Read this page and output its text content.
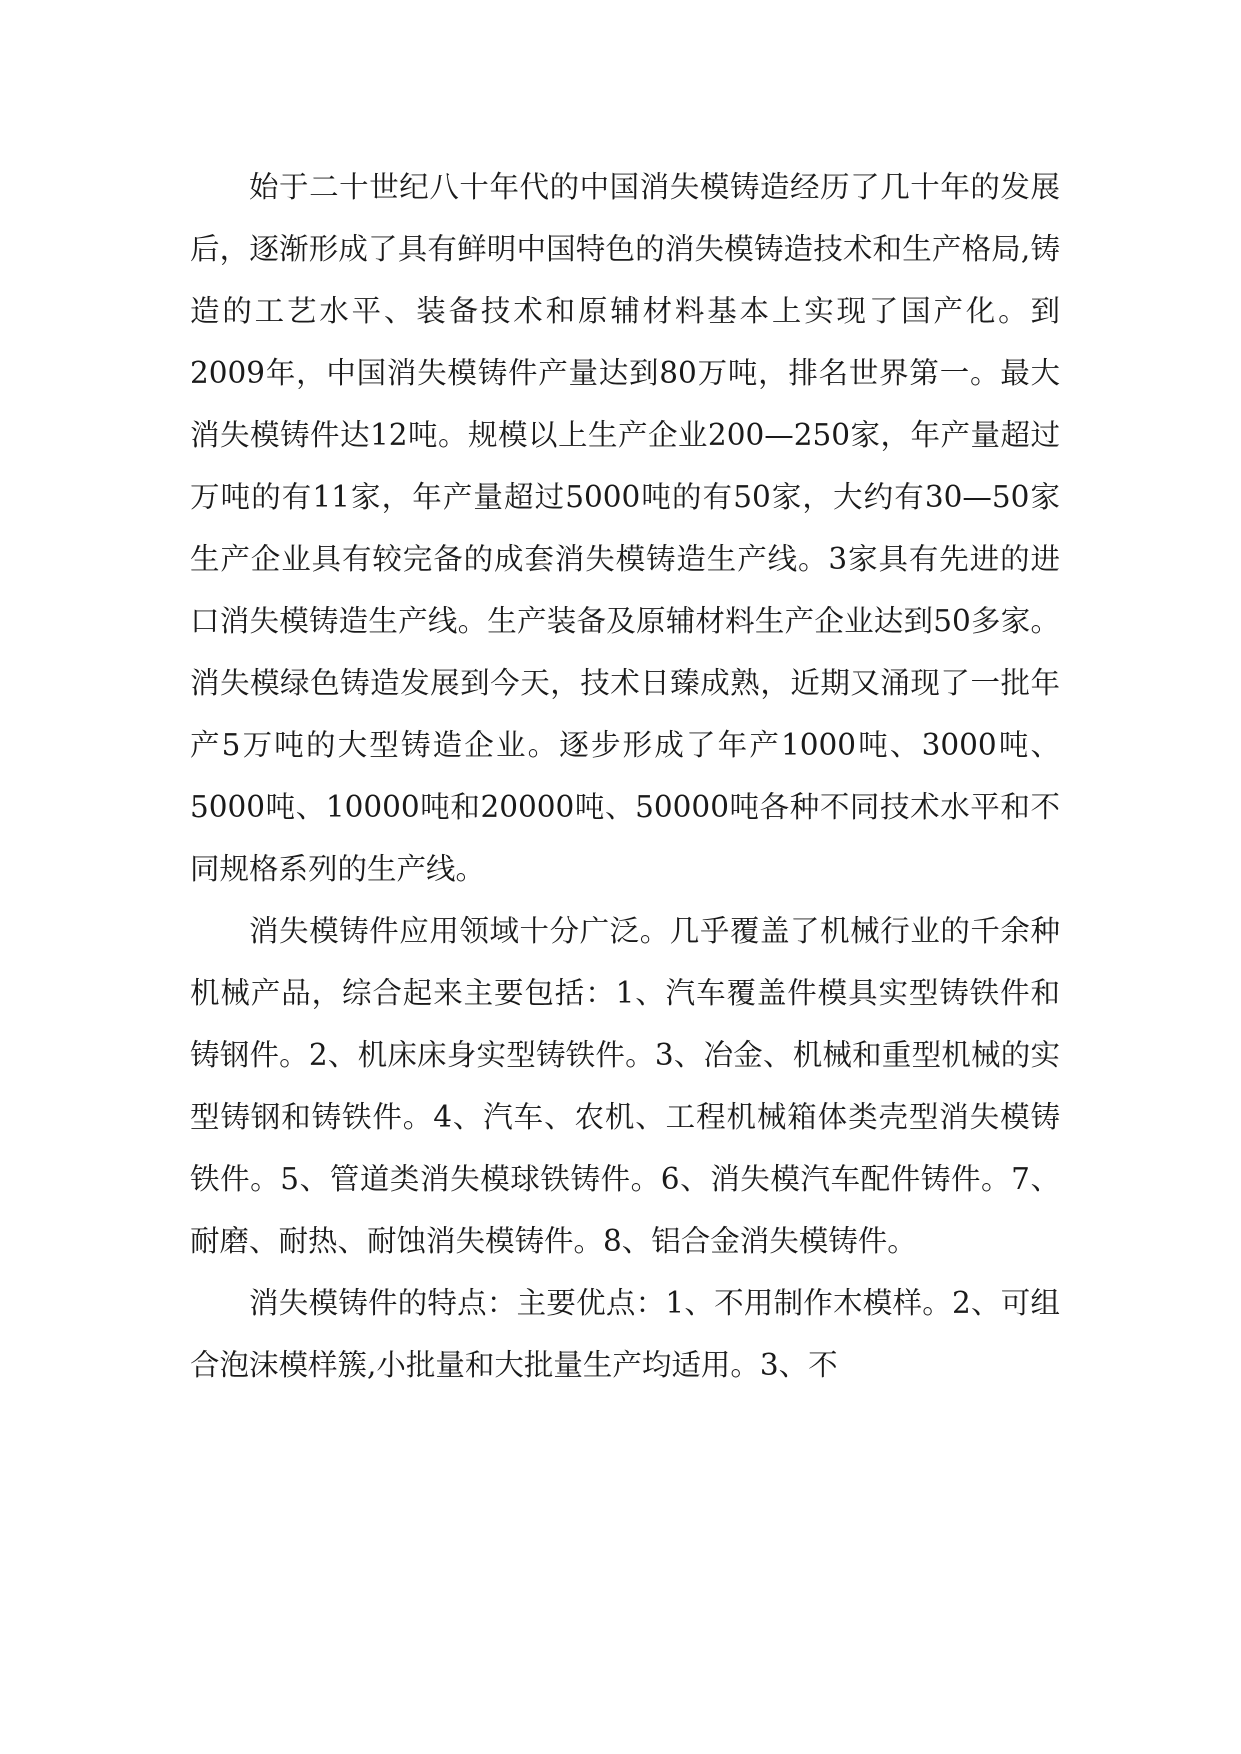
始于二十世纪八十年代的中国消失模铸造经历了几十年的发展后，逐渐形成了具有鲜明中国特色的消失模铸造技术和生产格局,铸造的工艺水平、装备技术和原辅材料基本上实现了国产化。到2009年，中国消失模铸件产量达到80万吨，排名世界第一。最大消失模铸件达12吨。规模以上生产企业200—250家，年产量超过万吨的有11家，年产量超过5000吨的有50家，大约有30—50家生产企业具有较完备的成套消失模铸造生产线。3家具有先进的进口消失模铸造生产线。生产装备及原辅材料生产企业达到50多家。消失模绿色铸造发展到今天，技术日臻成熟，近期又涌现了一批年产5万吨的大型铸造企业。逐步形成了年产1000吨、3000吨、5000吨、10000吨和20000吨、50000吨各种不同技术水平和不同规格系列的生产线。

消失模铸件应用领域十分广泛。几乎覆盖了机械行业的千余种机械产品，综合起来主要包括：1、汽车覆盖件模具实型铸铁件和铸钢件。2、机床床身实型铸铁件。3、冶金、机械和重型机械的实型铸钢和铸铁件。4、汽车、农机、工程机械箱体类壳型消失模铸铁件。5、管道类消失模球铁铸件。6、消失模汽车配件铸件。7、耐磨、耐热、耐蚀消失模铸件。8、铝合金消失模铸件。

消失模铸件的特点：主要优点：1、不用制作木模样。2、可组合泡沫模样簇,小批量和大批量生产均适用。3、不
